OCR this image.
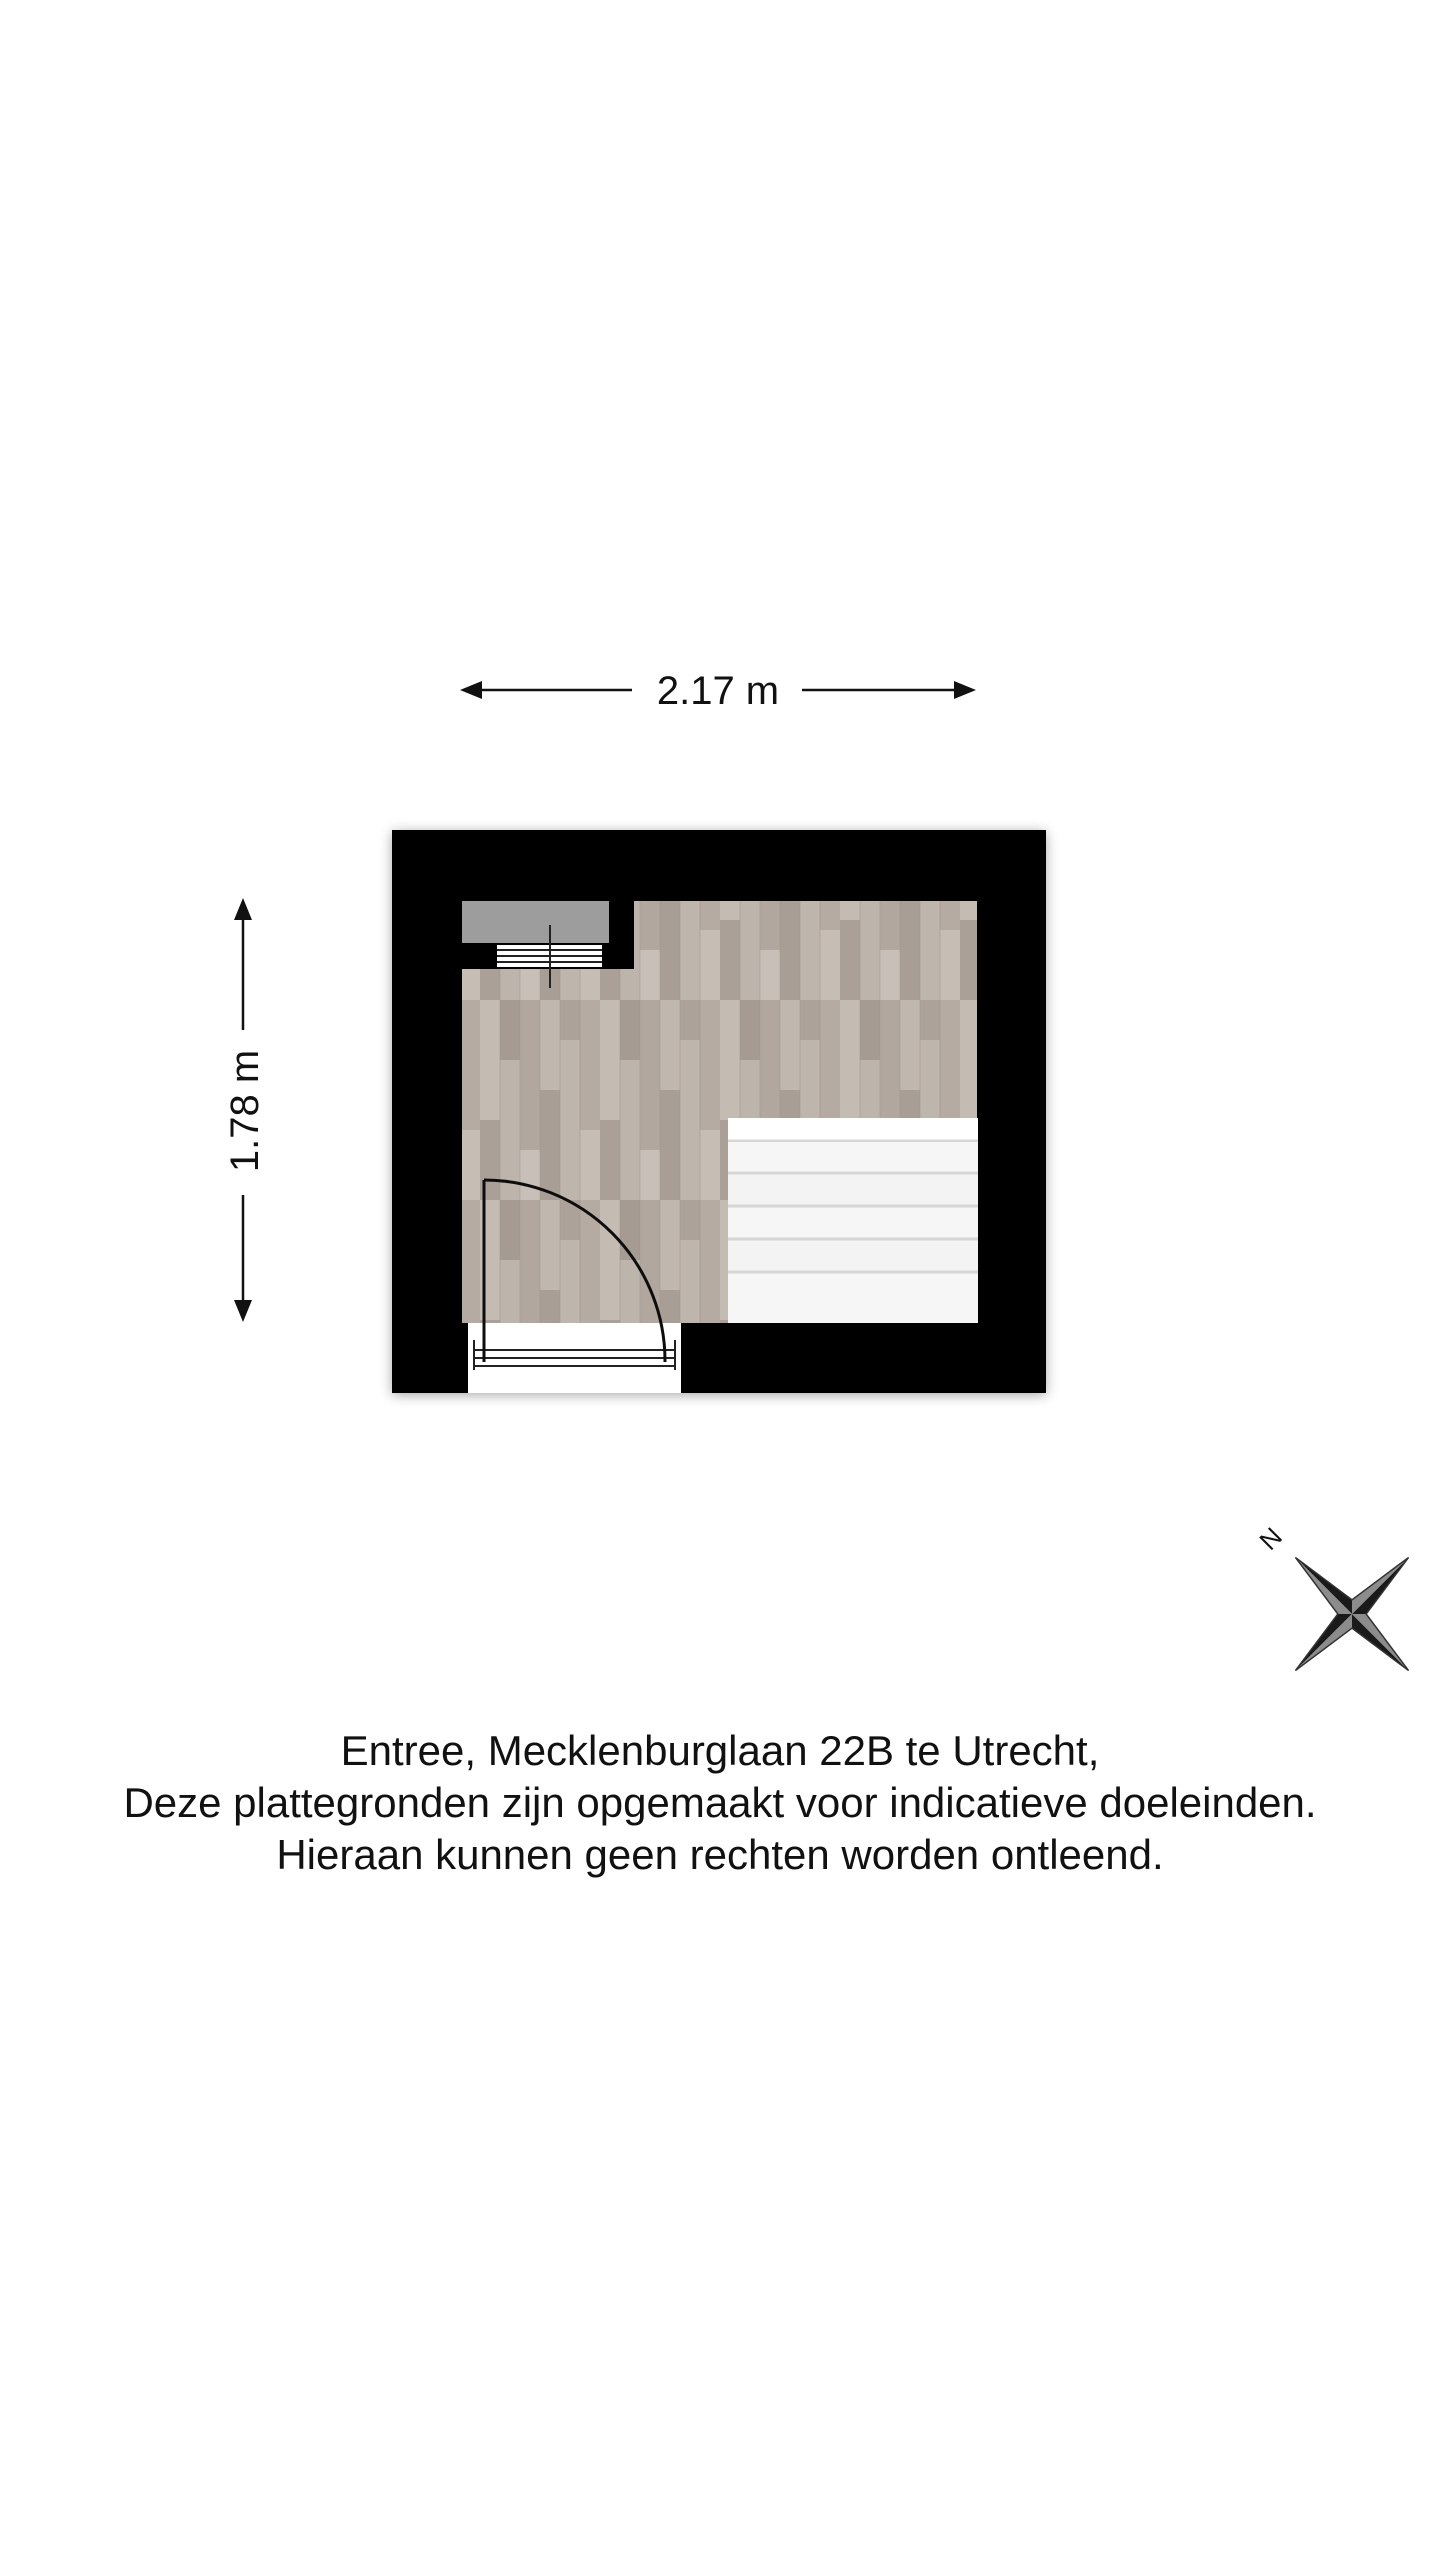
2.17 m
1.78 m
N
Entree, Mecklenburglaan 22B te Utrecht,
Deze plattegronden zijn opgemaakt voor indicatieve doeleinden.
Hieraan kunnen geen rechten worden ontleend.
